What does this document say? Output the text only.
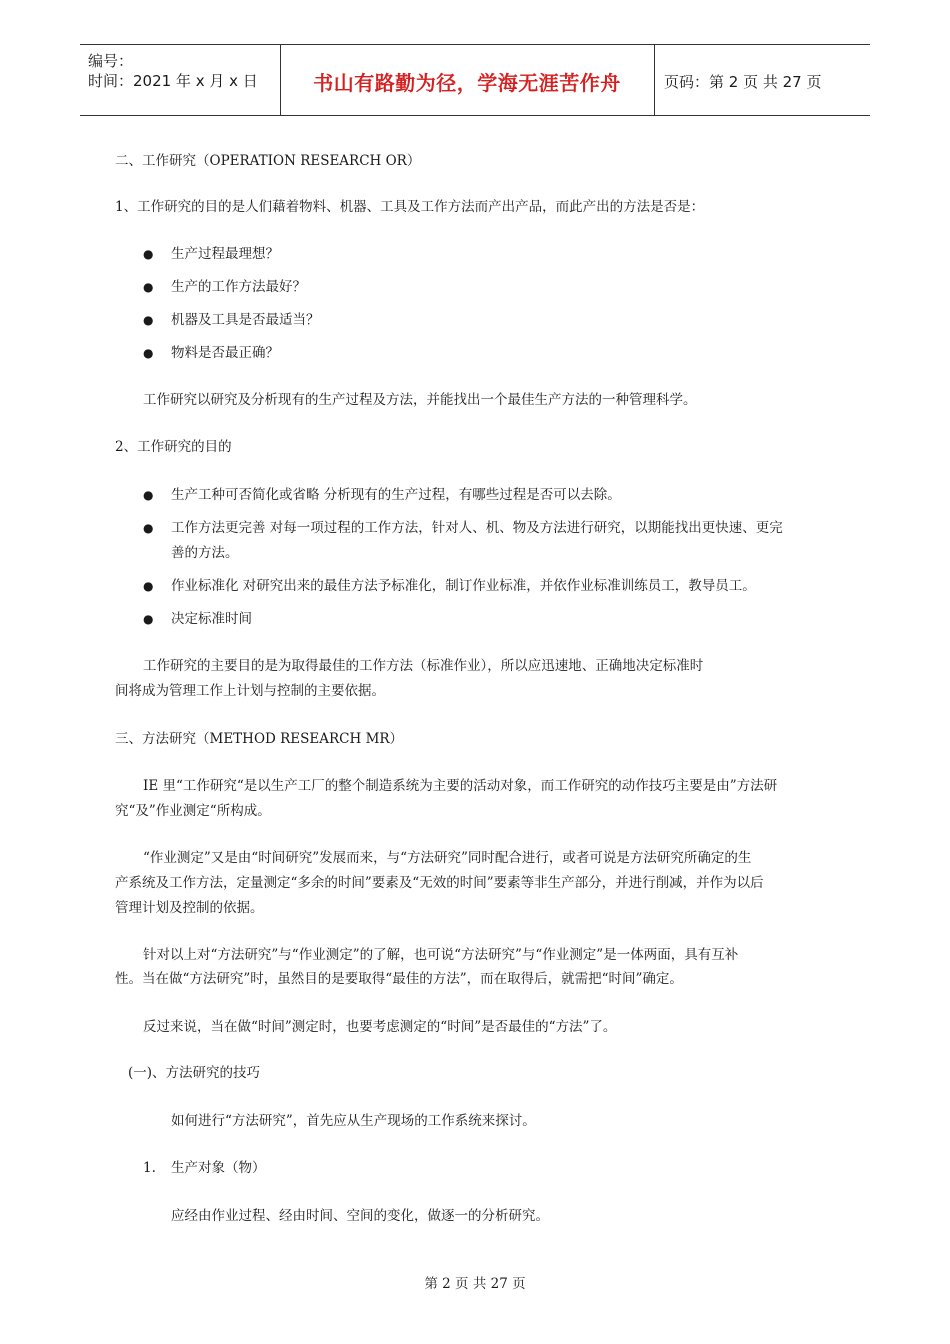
编号：
时间：2021 年 x 月 x 日	书山有路勤为径，学海无涯苦作舟	页码：第 2 页 共 27 页
二、工作研究（OPERATION RESEARCH OR）
1、工作研究的目的是人们藉着物料、机器、工具及工作方法而产出产品，而此产出的方法是否是：
● 生产过程最理想？
● 生产的工作方法最好？
● 机器及工具是否最适当？
● 物料是否最正确？
工作研究以研究及分析现有的生产过程及方法，并能找出一个最佳生产方法的一种管理科学。
2、工作研究的目的
● 生产工种可否简化或省略 分析现有的生产过程，有哪些过程是否可以去除。
● 工作方法更完善 对每一项过程的工作方法，针对人、机、物及方法进行研究，以期能找出更快速、更完
善的方法。
● 作业标准化 对研究出来的最佳方法予标准化，制订作业标准，并依作业标准训练员工，教导员工。
● 决定标准时间
工作研究的主要目的是为取得最佳的工作方法（标准作业），所以应迅速地、正确地决定标准时
间将成为管理工作上计划与控制的主要依据。
三、方法研究（METHOD RESEARCH MR）
IE 里“工作研究“是以生产工厂的整个制造系统为主要的活动对象，而工作研究的动作技巧主要是由”方法研
究“及”作业测定“所构成。
“作业测定”又是由“时间研究”发展而来，与“方法研究”同时配合进行，或者可说是方法研究所确定的生
产系统及工作方法，定量测定“多余的时间”要素及“无效的时间”要素等非生产部分，并进行削减，并作为以后
管理计划及控制的依据。
针对以上对“方法研究”与“作业测定”的了解，也可说“方法研究”与“作业测定”是一体两面，具有互补
性。当在做“方法研究”时，虽然目的是要取得“最佳的方法”，而在取得后，就需把“时间”确定。
反过来说，当在做“时间”测定时，也要考虑测定的“时间”是否最佳的“方法”了。
(一)、方法研究的技巧
如何进行“方法研究”，首先应从生产现场的工作系统来探讨。
1. 生产对象（物）
应经由作业过程、经由时间、空间的变化，做逐一的分析研究。
第 2 页 共 27 页
